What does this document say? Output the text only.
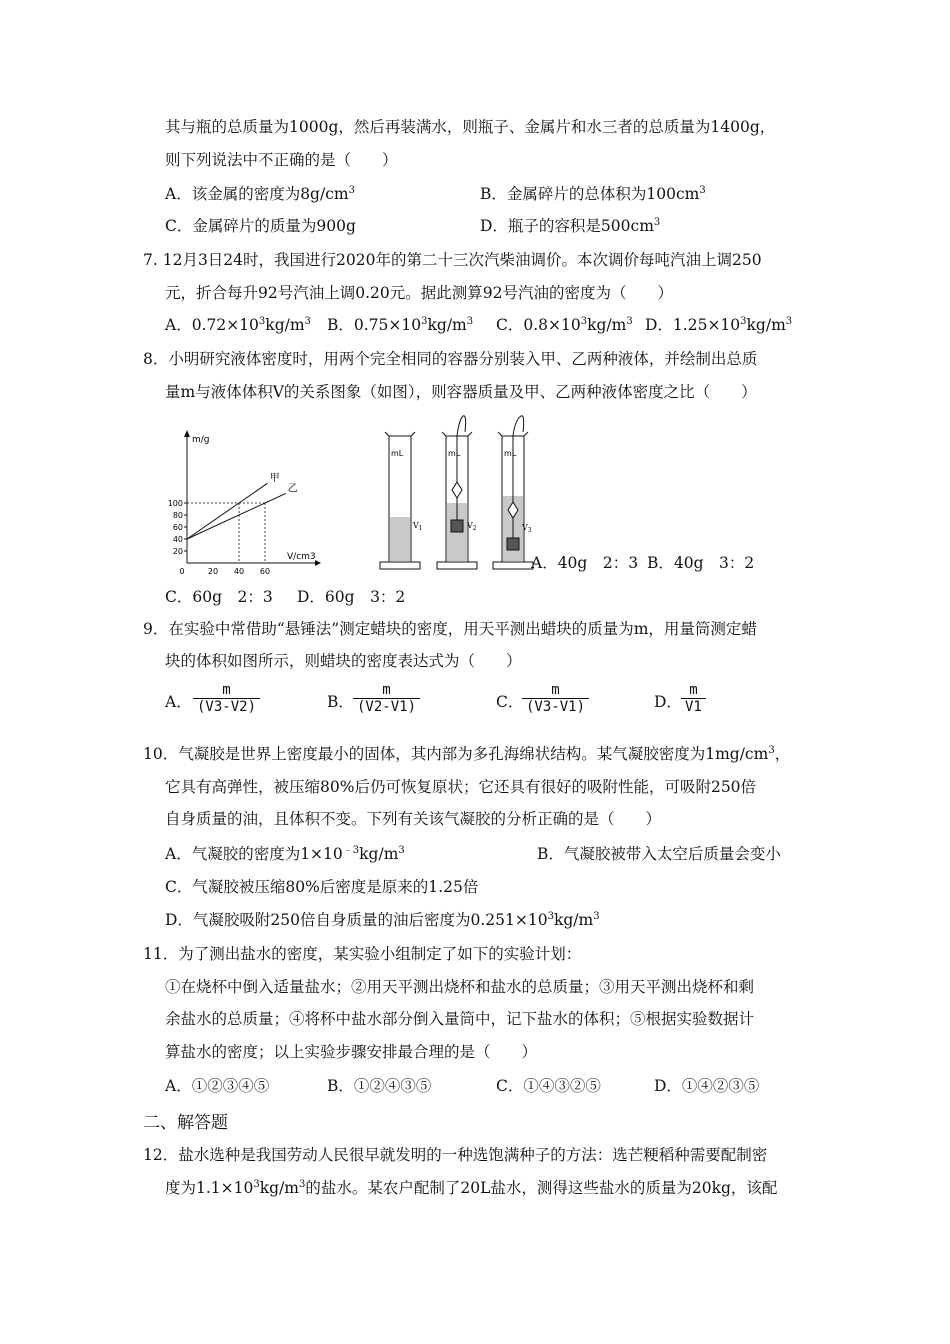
其与瓶的总质量为1000g，然后再装满水，则瓶子、金属片和水三者的总质量为1400g，
则下列说法中不正确的是（　　）
A．该金属的密度为$8g/cm^3$	B．金属碎片的总体积为$100cm^3$
C．金属碎片的质量为900g	D．瓶子的容积是$500cm^3$
7. 12月3日24时，我国进行2020年的第二十三次汽柴油调价。本次调价每吨汽油上调250
元，折合每升92号汽油上调0.20元。据此测算92号汽油的密度为（　　）
A．$0.72\times 10^3kg/m^3$ B．$0.75\times 10^3kg/m^3$ C．$0.8\times 10^3kg/m^3$ D．$1.25\times 10^3kg/m^3$
8．小明研究液体密度时，用两个完全相同的容器分别装入甲、乙两种液体，并绘制出总质
量m与液体体积V的关系图象（如图），则容器质量及甲、乙两种液体密度之比（　　）
m/g
V/cm3
20
40
60
80
100
0	20 40 60
甲
乙
mL
$V_1$
mL
$V_2$
mL
$V_3$
A．40g　2：3 B．40g　3：2
C．60g　2：3 D．60g　3：2
9．在实验中常借助“悬锤法”测定蜡块的密度，用天平测出蜡块的质量为m，用量筒测定蜡
块的体积如图所示，则蜡块的密度表达式为（　　）
A． $\frac{m}{(V3-V2)}$	B． $\frac{m}{(V2-V1)}$	C．
$\frac{m}{(V3-V1)}$	D． $\frac{m}{V1}$
10．气凝胶是世界上密度最小的固体，其内部为多孔海绵状结构。某气凝胶密度为$1mg/cm^3$，
它具有高弹性，被压缩80%后仍可恢复原状；它还具有很好的吸附性能，可吸附250倍
自身质量的油，且体积不变。下列有关该气凝胶的分析正确的是（　　）
A．气凝胶的密度为$1\times 10^{﹣3}kg/m^3$	B．气凝胶被带入太空后质量会变小
C．气凝胶被压缩80%后密度是原来的1.25倍
D．气凝胶吸附250倍自身质量的油后密度为$0.251\times 10^3kg/m^3$
11．为了测出盐水的密度，某实验小组制定了如下的实验计划：
①在烧杯中倒入适量盐水；②用天平测出烧杯和盐水的总质量；③用天平测出烧杯和剩
余盐水的总质量；④将杯中盐水部分倒入量筒中，记下盐水的体积；⑤根据实验数据计
算盐水的密度；以上实验步骤安排最合理的是（　　）
A．①②③④⑤	B．①②④③⑤	C．①④③②⑤	D．①④②③⑤
二、解答题
12．盐水选种是我国劳动人民很早就发明的一种选饱满种子的方法：选芒粳稻种需要配制密
度为$1.1\times 10^3kg/m^3$的盐水。某农户配制了20L盐水，测得这些盐水的质量为20kg，该配
